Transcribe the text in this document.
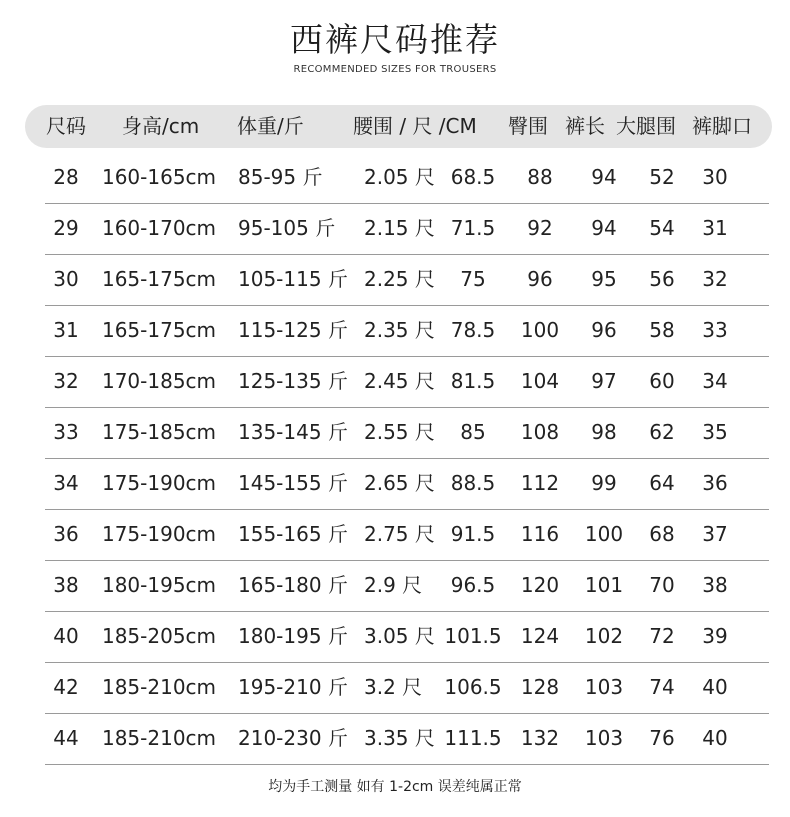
西裤尺码推荐
RECOMMENDED SIZES FOR TROUSERS
尺码 身高/cm 体重/斤 腰围 / 尺 /CM 臀围 裤长 大腿围 裤脚口
28 160-165cm 85-95 斤 2.05 尺 68.5 88 94 52 30
29 160-170cm 95-105 斤 2.15 尺 71.5 92 94 54 31
30 165-175cm 105-115 斤 2.25 尺 75 96 95 56 32
31 165-175cm 115-125 斤 2.35 尺 78.5 100 96 58 33
32 170-185cm 125-135 斤 2.45 尺 81.5 104 97 60 34
33 175-185cm 135-145 斤 2.55 尺 85 108 98 62 35
34 175-190cm 145-155 斤 2.65 尺 88.5 112 99 64 36
36 175-190cm 155-165 斤 2.75 尺 91.5 116 100 68 37
38 180-195cm 165-180 斤 2.9 尺 96.5 120 101 70 38
40 185-205cm 180-195 斤 3.05 尺 101.5 124 102 72 39
42 185-210cm 195-210 斤 3.2 尺 106.5 128 103 74 40
44 185-210cm 210-230 斤 3.35 尺 111.5 132 103 76 40
均为手工测量 如有 1-2cm 误差纯属正常
